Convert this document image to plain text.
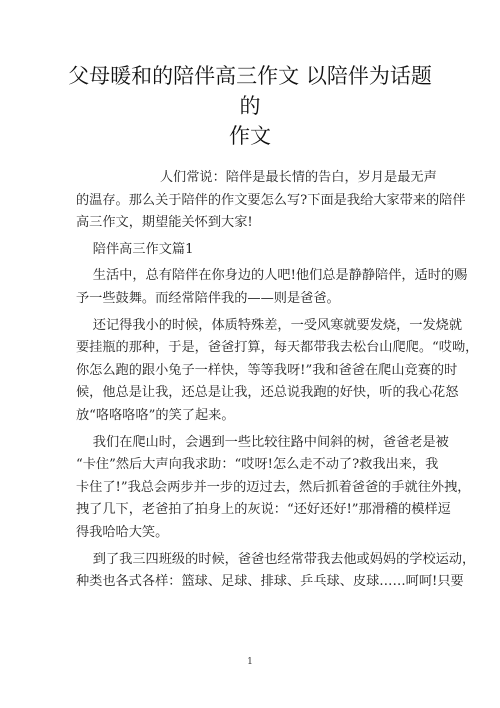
父母暖和的陪伴高三作文 以陪伴为话题的
作文
人们常说：陪伴是最长情的告白，岁月是最无声
的温存。那么关于陪伴的作文要怎么写?下面是我给大家带来的陪伴
高三作文，期望能关怀到大家!
陪伴高三作文篇1
生活中，总有陪伴在你身边的人吧!他们总是静静陪伴，适时的赐
予一些鼓舞。而经常陪伴我的——则是爸爸。
还记得我小的时候，体质特殊差，一受风寒就要发烧，一发烧就
要挂瓶的那种，于是，爸爸打算，每天都带我去松台山爬爬。“哎呦，
你怎么跑的跟小兔子一样快，等等我呀!”我和爸爸在爬山竞赛的时
候，他总是让我，还总是让我，还总说我跑的好快，听的我心花怒
放“咯咯咯咯”的笑了起来。
我们在爬山时，会遇到一些比较往路中间斜的树，爸爸老是被
“卡住”然后大声向我求助：“哎呀!怎么走不动了?救我出来，我
卡住了!”我总会两步并一步的迈过去，然后抓着爸爸的手就往外拽，
拽了几下，老爸拍了拍身上的灰说：“还好还好!”那滑稽的模样逗
得我哈哈大笑。
到了我三四班级的时候，爸爸也经常带我去他或妈妈的学校运动，
种类也各式各样：篮球、足球、排球、乒乓球、皮球……呵呵!只要
1
